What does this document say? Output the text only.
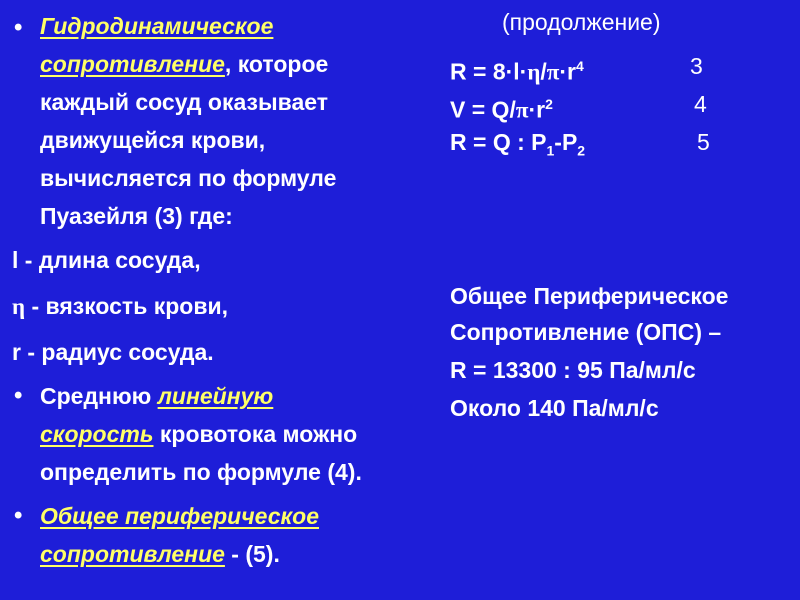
• Гидродинамическое
сопротивление, которое
каждый сосуд оказывает
движущейся крови,
вычисляется по формуле
Пуазейля (3) где:
l - длина сосуда,
η - вязкость крови,
r - радиус сосуда.
• Среднюю линейную
скорость кровотока можно
определить по формуле (4).
• Общее периферическое
сопротивление - (5).
(продолжение)
$R = 8\cdot l\cdot\eta/\pi\cdot r^4$	3
$V = Q/\pi\cdot r^2$	4
R = Q : $P_1-P_2$	5
Общее Периферическое
Сопротивление (ОПС) –
R = 13300 : 95 Па/мл/с
Около 140 Па/мл/с
